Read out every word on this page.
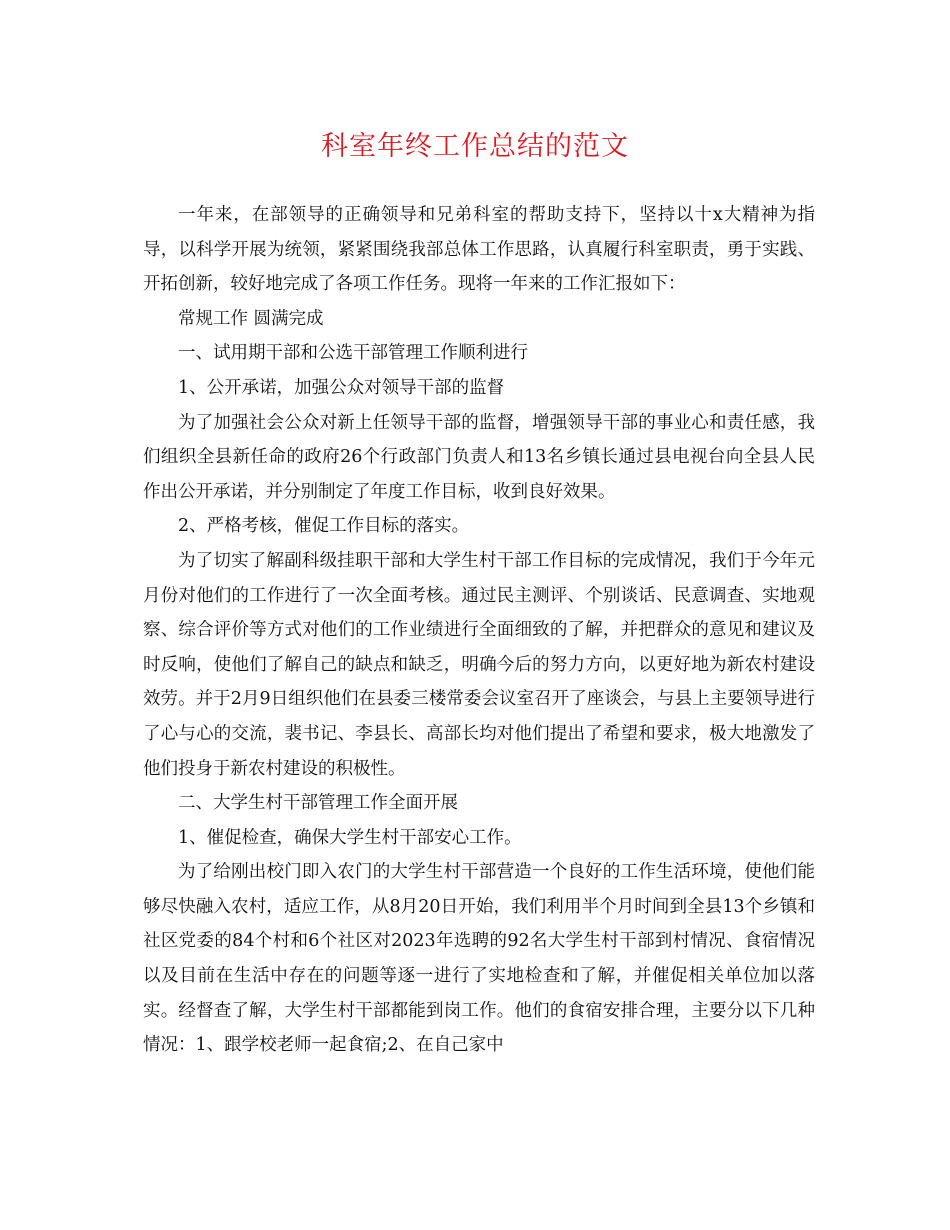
科室年终工作总结的范文

一年来，在部领导的正确领导和兄弟科室的帮助支持下，坚持以十x大精神为指导，以科学开展为统领，紧紧围绕我部总体工作思路，认真履行科室职责，勇于实践、开拓创新，较好地完成了各项工作任务。现将一年来的工作汇报如下：

常规工作 圆满完成

一、试用期干部和公选干部管理工作顺利进行

1、公开承诺，加强公众对领导干部的监督

为了加强社会公众对新上任领导干部的监督，增强领导干部的事业心和责任感，我们组织全县新任命的政府26个行政部门负责人和13名乡镇长通过县电视台向全县人民作出公开承诺，并分别制定了年度工作目标，收到良好效果。

2、严格考核，催促工作目标的落实。

为了切实了解副科级挂职干部和大学生村干部工作目标的完成情况，我们于今年元月份对他们的工作进行了一次全面考核。通过民主测评、个别谈话、民意调查、实地观察、综合评价等方式对他们的工作业绩进行全面细致的了解，并把群众的意见和建议及时反响，使他们了解自己的缺点和缺乏，明确今后的努力方向，以更好地为新农村建设效劳。并于2月9日组织他们在县委三楼常委会议室召开了座谈会，与县上主要领导进行了心与心的交流，裴书记、李县长、高部长均对他们提出了希望和要求，极大地激发了他们投身于新农村建设的积极性。

二、大学生村干部管理工作全面开展

1、催促检查，确保大学生村干部安心工作。

为了给刚出校门即入农门的大学生村干部营造一个良好的工作生活环境，使他们能够尽快融入农村，适应工作，从8月20日开始，我们利用半个月时间到全县13个乡镇和社区党委的84个村和6个社区对2023年选聘的92名大学生村干部到村情况、食宿情况以及目前在生活中存在的问题等逐一进行了实地检查和了解，并催促相关单位加以落实。经督查了解，大学生村干部都能到岗工作。他们的食宿安排合理，主要分以下几种情况：1、跟学校老师一起食宿;2、在自己家中
